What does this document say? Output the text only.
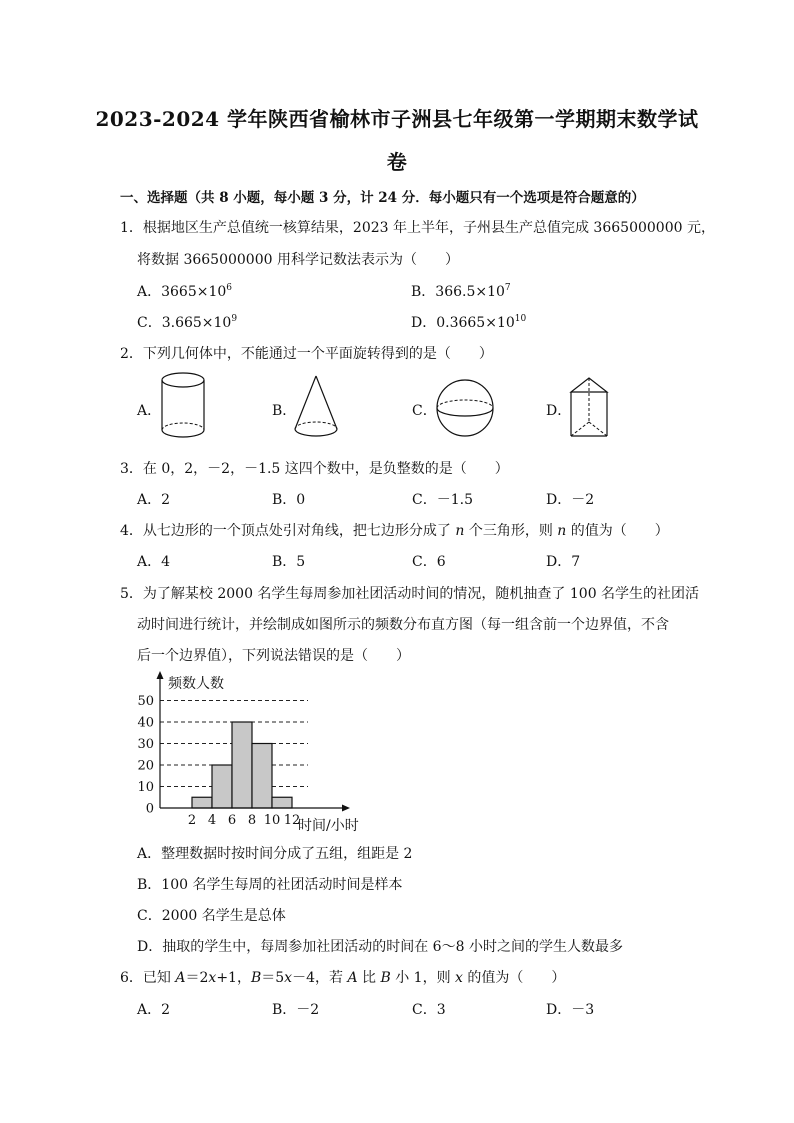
2023-2024 学年陕西省榆林市子洲县七年级第一学期期末数学试
卷
一、选择题（共 8 小题，每小题 3 分，计 24 分．每小题只有一个选项是符合题意的）
1．根据地区生产总值统一核算结果，2023 年上半年，子州县生产总值完成 3665000000 元，
将数据 3665000000 用科学记数法表示为（　　）
A．$3665\times 10^6$	B．$366.5\times 10^7$
C．$3.665\times 10^9$	D．$0.3665\times 10^{10}$
2．下列几何体中，不能通过一个平面旋转得到的是（　　）
A．	B．	C．	D．
3．在 0，2，－2，－1.5 这四个数中，是负整数的是（　　）
A．2	B．0	C．－1.5	D．－2
4．从七边形的一个顶点处引对角线，把七边形分成了 n 个三角形，则 n 的值为（　　）
A．4	B．5	C．6	D．7
5．为了解某校 2000 名学生每周参加社团活动时间的情况，随机抽查了 100 名学生的社团活
动时间进行统计，并绘制成如图所示的频数分布直方图（每一组含前一个边界值，不含
后一个边界值），下列说法错误的是（　　）
0
10
20
30
40
50
2 4 6 8 10 12
频数人数
时间/小时
A．整理数据时按时间分成了五组，组距是 2
B．100 名学生每周的社团活动时间是样本
C．2000 名学生是总体
D．抽取的学生中，每周参加社团活动的时间在 6～8 小时之间的学生人数最多
6．已知 A＝2x+1，B＝5x－4，若 A 比 B 小 1，则 x 的值为（　　）
A．2	B．－2	C．3	D．－3
